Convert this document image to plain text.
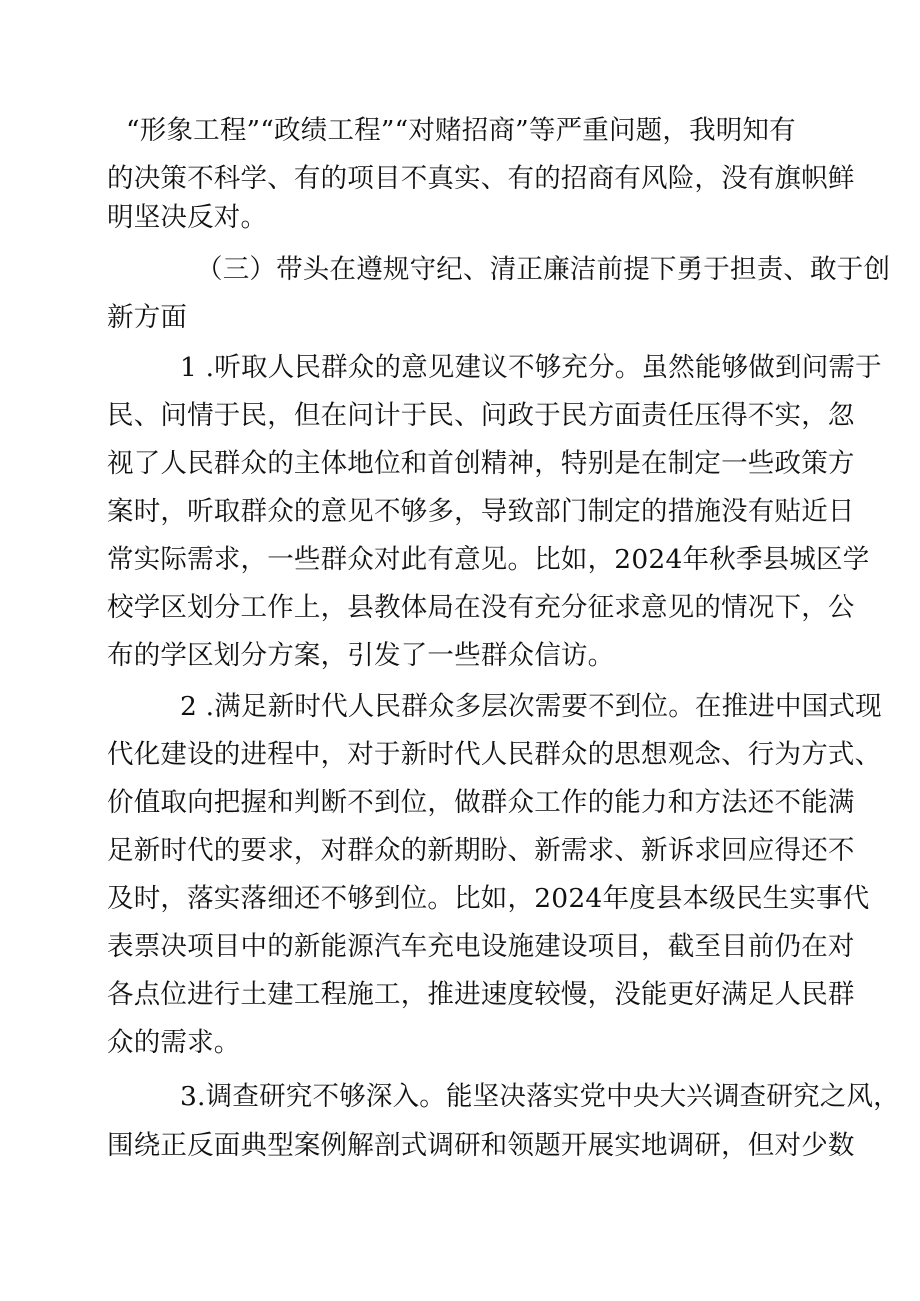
“形象工程”“政绩工程”“对赌招商”等严重问题，我明知有
的决策不科学、有的项目不真实、有的招商有风险，没有旗帜鲜
明坚决反对。
（三）带头在遵规守纪、清正廉洁前提下勇于担责、敢于创
新方面
1 .听取人民群众的意见建议不够充分。虽然能够做到问需于
民、问情于民，但在问计于民、问政于民方面责任压得不实，忽
视了人民群众的主体地位和首创精神，特别是在制定一些政策方
案时，听取群众的意见不够多，导致部门制定的措施没有贴近日
常实际需求，一些群众对此有意见。比如，2024年秋季县城区学
校学区划分工作上，县教体局在没有充分征求意见的情况下，公
布的学区划分方案，引发了一些群众信访。
2 .满足新时代人民群众多层次需要不到位。在推进中国式现
代化建设的进程中，对于新时代人民群众的思想观念、行为方式、
价值取向把握和判断不到位，做群众工作的能力和方法还不能满
足新时代的要求，对群众的新期盼、新需求、新诉求回应得还不
及时，落实落细还不够到位。比如，2024年度县本级民生实事代
表票决项目中的新能源汽车充电设施建设项目，截至目前仍在对
各点位进行土建工程施工，推进速度较慢，没能更好满足人民群
众的需求。
3.调查研究不够深入。能坚决落实党中央大兴调查研究之风，
围绕正反面典型案例解剖式调研和领题开展实地调研，但对少数
